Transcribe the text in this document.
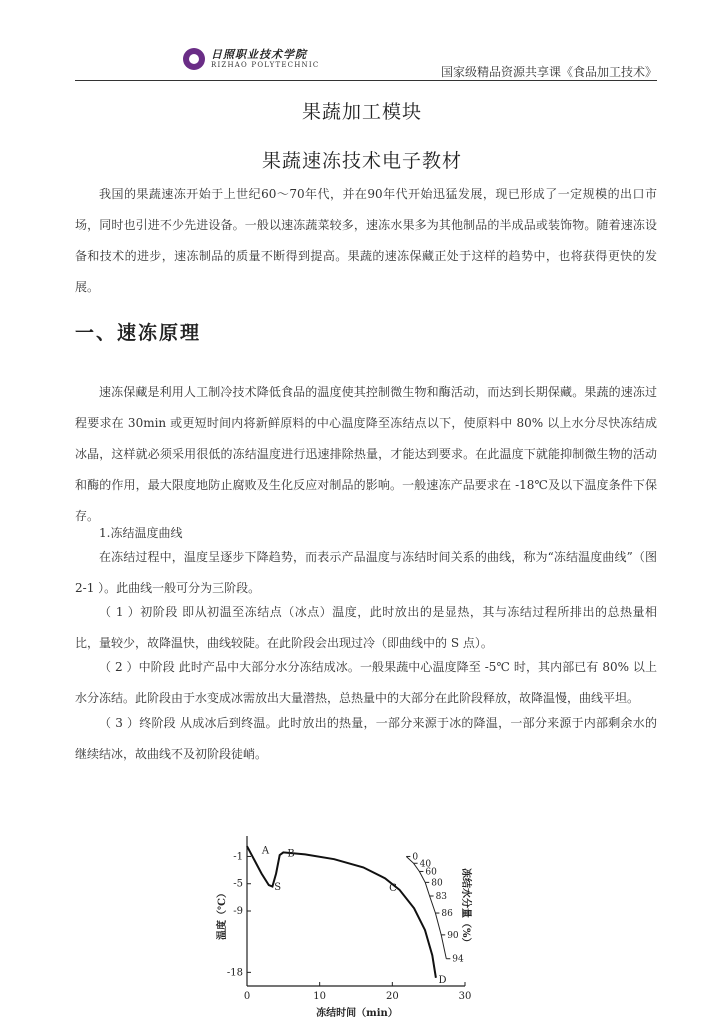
日照职业技术学院
RIZHAO POLYTECHNIC	国家级精品资源共享课《食品加工技术》
果蔬加工模块
果蔬速冻技术电子教材

我国的果蔬速冻开始于上世纪60～70年代，并在90年代开始迅猛发展，现已形成了一定规模的出口市场，同时也引进不少先进设备。一般以速冻蔬菜较多，速冻水果多为其他制品的半成品或装饰物。随着速冻设备和技术的进步，速冻制品的质量不断得到提高。果蔬的速冻保藏正处于这样的趋势中，也将获得更快的发展。

一、速冻原理

速冻保藏是利用人工制冷技术降低食品的温度使其控制微生物和酶活动，而达到长期保藏。果蔬的速冻过程要求在 30min 或更短时间内将新鲜原料的中心温度降至冻结点以下，使原料中 80% 以上水分尽快冻结成冰晶，这样就必须采用很低的冻结温度进行迅速排除热量，才能达到要求。在此温度下就能抑制微生物的活动和酶的作用，最大限度地防止腐败及生化反应对制品的影响。一般速冻产品要求在 -18℃及以下温度条件下保存。

1.冻结温度曲线

在冻结过程中，温度呈逐步下降趋势，而表示产品温度与冻结时间关系的曲线，称为“冻结温度曲线”（图 2-1 ）。此曲线一般可分为三阶段。

（ 1 ）初阶段 即从初温至冻结点（冰点）温度，此时放出的是显热，其与冻结过程所排出的总热量相比，量较少，故降温快，曲线较陡。在此阶段会出现过冷（即曲线中的 S 点）。

（ 2 ）中阶段 此时产品中大部分水分冻结成冰。一般果蔬中心温度降至 -5℃ 时，其内部已有 80% 以上水分冻结。此阶段由于水变成冰需放出大量潜热，总热量中的大部分在此阶段释放，故降温慢，曲线平坦。

（ 3 ）终阶段 从成冰后到终温。此时放出的热量，一部分来源于冰的降温，一部分来源于内部剩余水的继续结冰，故曲线不及初阶段徒峭。

0	10	20	30
-1
-5
-9
-18
冻结时间（min）
温度（℃）
A
S
B
C
D
0
40
60
80
83
86
90
94
冻结水分量（%）
